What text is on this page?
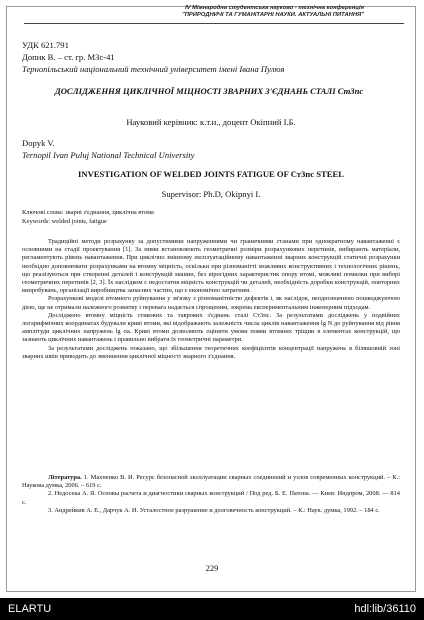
IV Міжнародна студентська науково - технічна конференція
"ПРИРОДНИЧІ ТА ГУМАНІТАРНІ НАУКИ. АКТУАЛЬНІ ПИТАННЯ"
УДК 621.791
Допик В. – ст. гр. МЗс-41
Тернопільський національний технічний університет імені Івана Пулюя
ДОСЛІДЖЕННЯ ЦИКЛІЧНОЇ МІЦНОСТІ ЗВАРНИХ З'ЄДНАНЬ СТАЛІ Ст3пс
Науковий керівник: к.т.н., доцент Окіпний І.Б.
Dopyk V.
Ternopil Ivan Puluj National Technical University
INVESTIGATION OF WELDED JOINTS FATIGUE OF Ст3пс STEEL
Supervisor: Ph.D, Okipnyi I.
Ключові слова: зварні з'єднання, циклічна втома
Keywords: welded joints, fatigue

Традиційні методи розрахунку за допустимими напруженнями чи граничними станами при однократному навантаженні є основними на стадії проектування [1]. За ними встановлюють геометричні розміри розрахункових перетинів, вибирають матеріали, регламентують рівень навантаження. При циклічно змінному експлуатаційному навантаженні зварних конструкцій статичні розрахунки необхідно доповнювати розрахунками на втомну міцність, оскільки при різноманітті можливих конструктивних і технологічних рішень, що реалізуються при створенні деталей і конструкцій машин, без вірогідних характеристик опору втомі, можливі помилки при виборі геометричних перетинів [2, 3]. Їх наслідком є недостатня міцність конструкцій чи деталей, необхідність доробки конструкцій, повторних випробувань, організації виробництва запасних частин, що є економічно затратним.

Розрахункові моделі втомного руйнування у зв'язку з різноманітністю дефектів і, як наслідок, неоднозначною пошкоджуючою дією, ще не отримали належного розвитку і перевага надається спрощеним, зокрема експериментальним інженерним підходам.

Досліджено втомну міцність стикових та таврових з'єднань сталі Ст3пс. За результатами досліджень у подвійних логарифмічних координатах будували криві втоми, які відображають залежність числа циклів навантаження lg N до руйнування від рівня амплітуди циклічних напружень lg σa. Криві втоми дозволяють оцінити умови появи втомних тріщин в елементах конструкцій, що зазнають циклічних навантажень і правильно вибрати їх геометричні параметри.

За результатами досліджень показано, що збільшення теоретичних коефіцієнтів концентрації напружень в біляшовній зоні зварних швів приводить до зменшення циклічної міцності зварного з'єднання.

Література. 1. Махненко В. И. Ресурс безопасной эксплуатации сварных соединений и узлов современных конструкций. – К.: Наукова думка, 2006. – 619 с.

2. Недосека А. Я. Основы расчета и диагностики сварных конструкций / Под ред. Б. Е. Патона. — Киев: Индпром, 2008. — 814 с.

3. Андрейкив А. Е., Дарчук А. И. Усталостное разрушение и долговечность конструкций. – К.: Наук. думка, 1992. – 184 с.

229
ELARTU	hdl:lib/36110
